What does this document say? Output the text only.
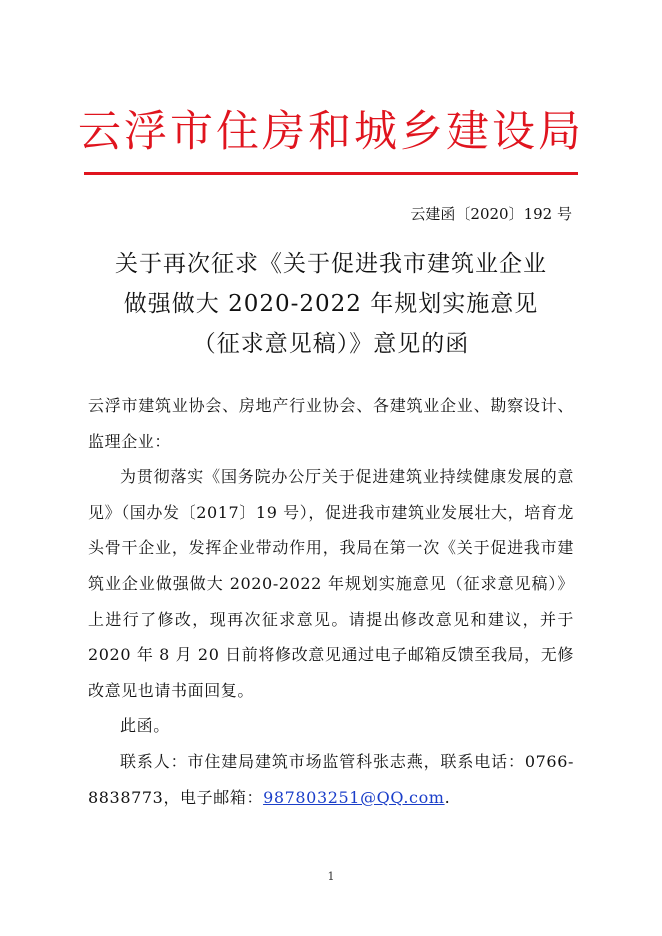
云浮市住房和城乡建设局
云建函〔2020〕192 号
关于再次征求《关于促进我市建筑业企业
做强做大 2020-2022 年规划实施意见
（征求意见稿）》意见的函

云浮市建筑业协会、房地产行业协会、各建筑业企业、勘察设计、监理企业：

为贯彻落实《国务院办公厅关于促进建筑业持续健康发展的意见》（国办发〔2017〕19 号），促进我市建筑业发展壮大，培育龙头骨干企业，发挥企业带动作用，我局在第一次《关于促进我市建筑业企业做强做大 2020-2022 年规划实施意见（征求意见稿）》上进行了修改，现再次征求意见。请提出修改意见和建议，并于 2020 年 8 月 20 日前将修改意见通过电子邮箱反馈至我局，无修改意见也请书面回复。

此函。

联系人：市住建局建筑市场监管科张志燕，联系电话：0766-8838773，电子邮箱：987803251@QQ.com.

1
